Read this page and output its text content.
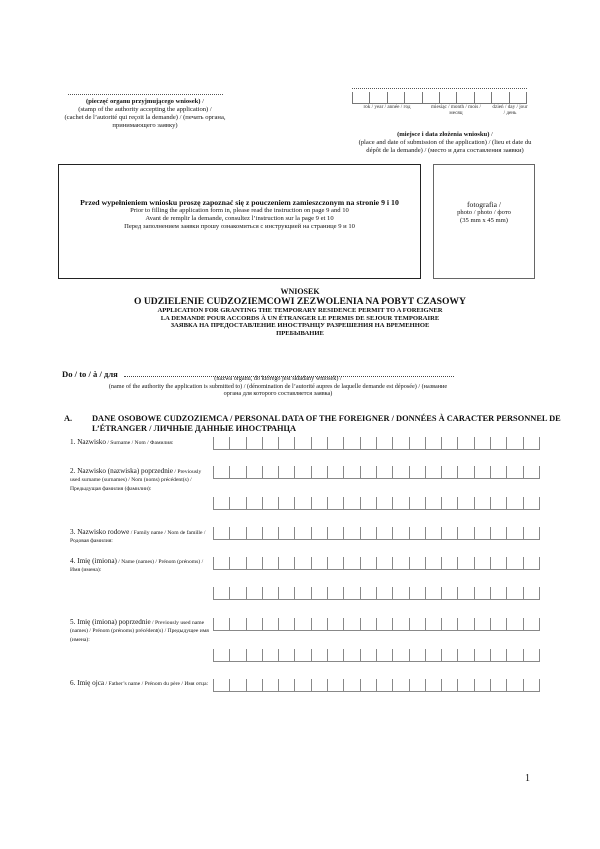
(pieczęć organu przyjmującego wniosek) /
(stamp of the authority accepting the application) /
(cachet de l’autorité qui reçoit la demande) / (печать органа,
принимающего заявку)
rok / year / année / год	miesiąc / month / mois / месяц
dzień / day / jour / день
(miejsce i data złożenia wniosku) /
(place and date of submission of the application) / (lieu et date du
dépôt de la demande) / (место и дата составления заявки)
Przed wypełnieniem wniosku proszę zapoznać się z pouczeniem zamieszczonym na stronie 9 i 10
Prior to filling the application form in, please read the instruction on page 9 and 10
Avant de remplir la demande, consultez l’instruction sur la page 9 et 10
Перед заполнением заявки прошу ознакомиться с инструкцией на странице 9 и 10
fotografia /
photo / photo / фото
(35 mm x 45 mm)
WNIOSEK
O UDZIELENIE CUDZOZIEMCOWI ZEZWOLENIA NA POBYT CZASOWY
APPLICATION FOR GRANTING THE TEMPORARY RESIDENCE PERMIT TO A FOREIGNER
LA DEMANDE POUR ACCORDS À UN ÉTRANGER LE PERMIS DE SEJOUR TEMPORAIRE
ЗАЯВКА НА ПРЕДОСТАВЛЕНИЕ ИНОСТРАНЦУ РАЗРЕШЕНИЯ НА ВРЕМЕННОЕ
ПРЕБЫВАНИЕ
Do / to / à / для	(nazwa organu, do którego jest składany wniosek) /
(name of the authority the application is submitted to) / (dénomination de l’autorité aupres de laquelle demande est déposée) / (название
органа для которого составляется заявка)
A. DANE OSOBOWE CUDZOZIEMCA / PERSONAL DATA OF THE FOREIGNER / DONNÉES À CARACTER PERSONNEL DE L’ÉTRANGER / ЛИЧНЫЕ ДАННЫЕ ИНОСТРАНЦА
1. Nazwisko / Surname / Nom / Фамилия:
2. Nazwisko (nazwiska) poprzednie / Previously used surname (surnames) / Nom (noms) précédent(s) / Предыдущая фамилия (фамилии):
3. Nazwisko rodowe / Family name / Nom de famille / Родовая фамилия:
4. Imię (imiona) / Name (names) / Prénom (prénoms) / Имя (имена):
5. Imię (imiona) poprzednie / Previously used name (names) / Prénom (prénoms) précédent(s) / Предыдущее имя (имена):
6. Imię ojca / Father’s name / Prénom du père / Имя отца:
1
